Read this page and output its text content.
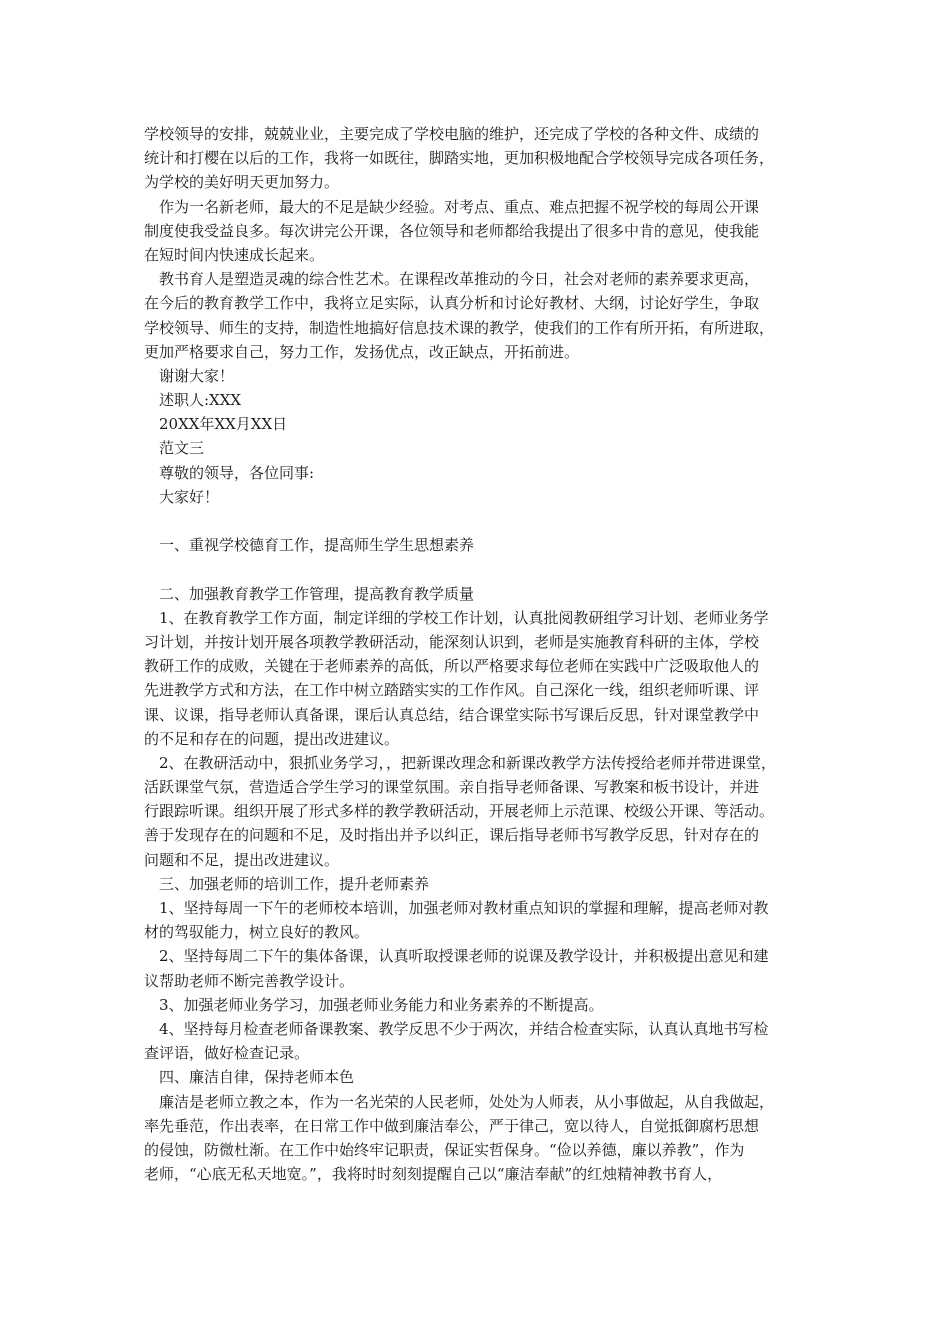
学校领导的安排，兢兢业业，主要完成了学校电脑的维护，还完成了学校的各种文件、成绩的
统计和打樱在以后的工作，我将一如既往，脚踏实地，更加积极地配合学校领导完成各项任务，
为学校的美好明天更加努力。
作为一名新老师，最大的不足是缺少经验。对考点、重点、难点把握不祝学校的每周公开课
制度使我受益良多。每次讲完公开课，各位领导和老师都给我提出了很多中肯的意见，使我能
在短时间内快速成长起来。
教书育人是塑造灵魂的综合性艺术。在课程改革推动的今日，社会对老师的素养要求更高，
在今后的教育教学工作中，我将立足实际，认真分析和讨论好教材、大纲，讨论好学生，争取
学校领导、师生的支持，制造性地搞好信息技术课的教学，使我们的工作有所开拓，有所进取，
更加严格要求自己，努力工作，发扬优点，改正缺点，开拓前进。
谢谢大家！
述职人:XXX
20XX年XX月XX日
范文三
尊敬的领导，各位同事:
大家好！
一、重视学校德育工作，提高师生学生思想素养
二、加强教育教学工作管理，提高教育教学质量
1、在教育教学工作方面，制定详细的学校工作计划，认真批阅教研组学习计划、老师业务学
习计划，并按计划开展各项教学教研活动，能深刻认识到，老师是实施教育科研的主体，学校
教研工作的成败，关键在于老师素养的高低，所以严格要求每位老师在实践中广泛吸取他人的
先进教学方式和方法，在工作中树立踏踏实实的工作作风。自己深化一线，组织老师听课、评
课、议课，指导老师认真备课，课后认真总结，结合课堂实际书写课后反思，针对课堂教学中
的不足和存在的问题，提出改进建议。
2、在教研活动中，狠抓业务学习，，把新课改理念和新课改教学方法传授给老师并带进课堂，
活跃课堂气氛，营造适合学生学习的课堂氛围。亲自指导老师备课、写教案和板书设计，并进
行跟踪听课。组织开展了形式多样的教学教研活动，开展老师上示范课、校级公开课、等活动。
善于发现存在的问题和不足，及时指出并予以纠正，课后指导老师书写教学反思，针对存在的
问题和不足，提出改进建议。
三、加强老师的培训工作，提升老师素养
1、坚持每周一下午的老师校本培训，加强老师对教材重点知识的掌握和理解，提高老师对教
材的驾驭能力，树立良好的教风。
2、坚持每周二下午的集体备课，认真听取授课老师的说课及教学设计，并积极提出意见和建
议帮助老师不断完善教学设计。
3、加强老师业务学习，加强老师业务能力和业务素养的不断提高。
4、坚持每月检查老师备课教案、教学反思不少于两次，并结合检查实际，认真认真地书写检
查评语，做好检查记录。
四、廉洁自律，保持老师本色
廉洁是老师立教之本，作为一名光荣的人民老师，处处为人师表，从小事做起，从自我做起，
率先垂范，作出表率，在日常工作中做到廉洁奉公，严于律己，宽以待人，自觉抵御腐朽思想
的侵蚀，防微杜渐。在工作中始终牢记职责，保证实哲保身。“俭以养德，廉以养教”，作为
老师，“心底无私天地宽。”，我将时时刻刻提醒自己以“廉洁奉献”的红烛精神教书育人，
